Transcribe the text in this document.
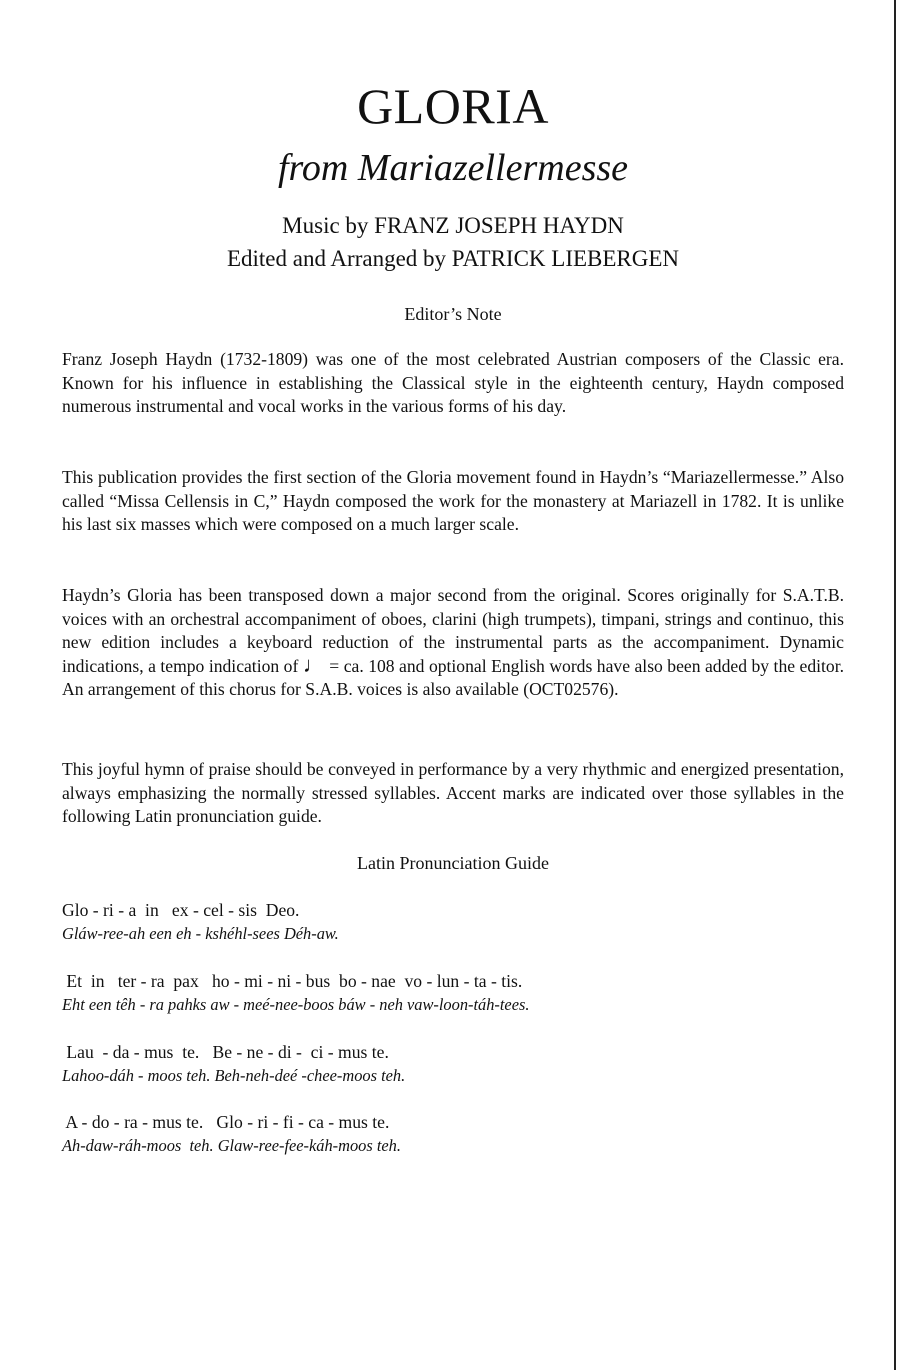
GLORIA
from Mariazellermesse
Music by FRANZ JOSEPH HAYDN
Edited and Arranged by PATRICK LIEBERGEN
Editor’s Note

Franz Joseph Haydn (1732-1809) was one of the most celebrated Austrian composers of the Classic era. Known for his influence in establishing the Classical style in the eighteenth century, Haydn composed numerous instrumental and vocal works in the various forms of his day.

This publication provides the first section of the Gloria movement found in Haydn’s “Mariazellermesse.” Also called “Missa Cellensis in C,” Haydn composed the work for the monastery at Mariazell in 1782. It is unlike his last six masses which were composed on a much larger scale.

Haydn’s Gloria has been transposed down a major second from the original. Scores originally for S.A.T.B. voices with an orchestral accompaniment of oboes, clarini (high trumpets), timpani, strings and continuo, this new edition includes a keyboard reduction of the instrumental parts as the accompaniment. Dynamic indications, a tempo indication of ♩ = ca. 108 and optional English words have also been added by the editor. An arrangement of this chorus for S.A.B. voices is also available (OCT02576).

This joyful hymn of praise should be conveyed in performance by a very rhythmic and energized presentation, always emphasizing the normally stressed syllables. Accent marks are indicated over those syllables in the following Latin pronunciation guide.

Latin Pronunciation Guide
Glo - ri - a  in   ex - cel - sis  Deo.
Gláw-ree-ah een eh - kshéhl-sees Déh-aw.
Et  in   ter - ra  pax   ho - mi - ni - bus  bo - nae  vo - lun - ta - tis.
Eht een têh - ra pahks aw - meé-nee-boos báw - neh vaw-loon-táh-tees.
Lau  - da - mus  te.   Be - ne - di -  ci - mus te.
Lahoo-dáh - moos teh. Beh-neh-deé -chee-moos teh.
A - do - ra - mus te.   Glo - ri - fi - ca - mus te.
Ah-daw-ráh-moos  teh. Glaw-ree-fee-káh-moos teh.
